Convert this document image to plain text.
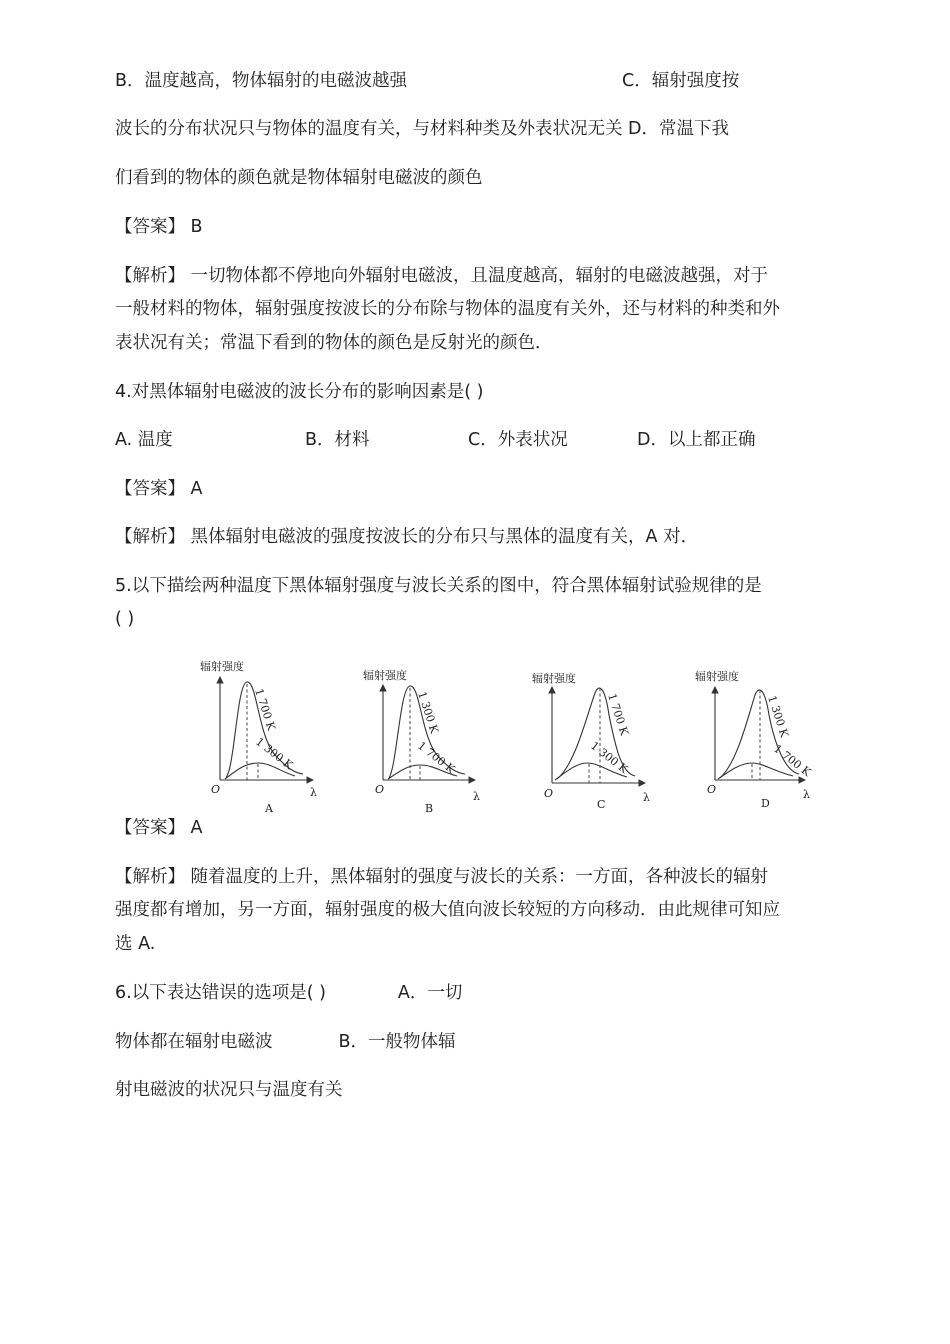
B．温度越高，物体辐射的电磁波越强	C．辐射强度按
波长的分布状况只与物体的温度有关，与材料种类及外表状况无关 D．常温下我
们看到的物体的颜色就是物体辐射电磁波的颜色
【答案】 B
【解析】 一切物体都不停地向外辐射电磁波，且温度越高，辐射的电磁波越强，对于
一般材料的物体，辐射强度按波长的分布除与物体的温度有关外，还与材料的种类和外
表状况有关；常温下看到的物体的颜色是反射光的颜色．
4.对黑体辐射电磁波的波长分布的影响因素是( )
A. 温度	B．材料	C．外表状况	D．以上都正确
【答案】 A
【解析】 黑体辐射电磁波的强度按波长的分布只与黑体的温度有关，A 对．
5.以下描绘两种温度下黑体辐射强度与波长关系的图中，符合黑体辐射试验规律的是
( )
辐射强度
O	λ
1 700 K
1 300 K
A
辐射强度
O
λ
1 300 K
1 700 K
B
辐射强度
O	λ
1 700 K
1 300 K
C
辐射强度
O	λ
1 300 K
1 700 K
D
【答案】 A
【解析】 随着温度的上升，黑体辐射的强度与波长的关系：一方面，各种波长的辐射
强度都有增加，另一方面，辐射强度的极大值向波长较短的方向移动．由此规律可知应
选 A.
6.以下表达错误的选项是( )	A．一切
物体都在辐射电磁波	B．一般物体辐
射电磁波的状况只与温度有关
